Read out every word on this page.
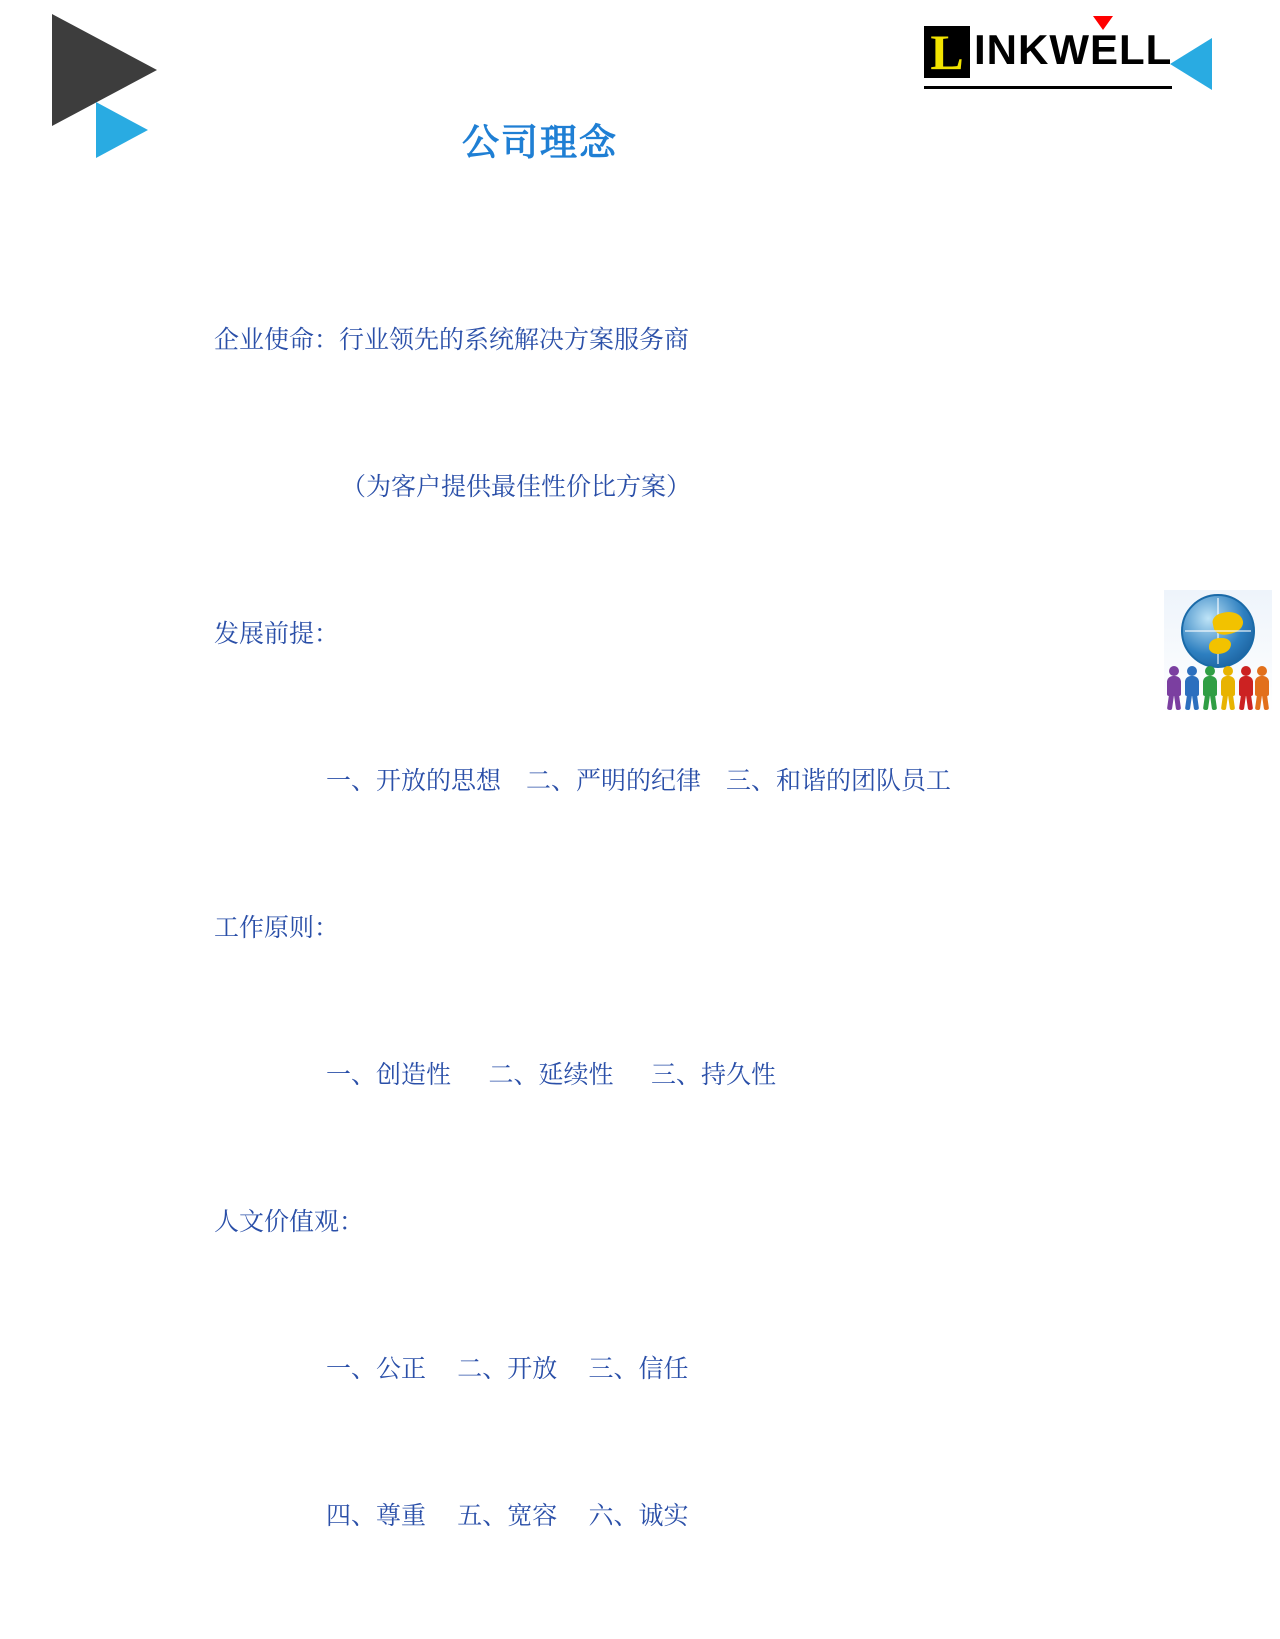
L INKWELL
公司理念

企业使命：行业领先的系统解决方案服务商

（为客户提供最佳性价比方案）

发展前提：

一、开放的思想    二、严明的纪律    三、和谐的团队员工

工作原则：

一、创造性      二、延续性      三、持久性

人文价值观：

一、公正     二、开放     三、信任

四、尊重     五、宽容     六、诚实
